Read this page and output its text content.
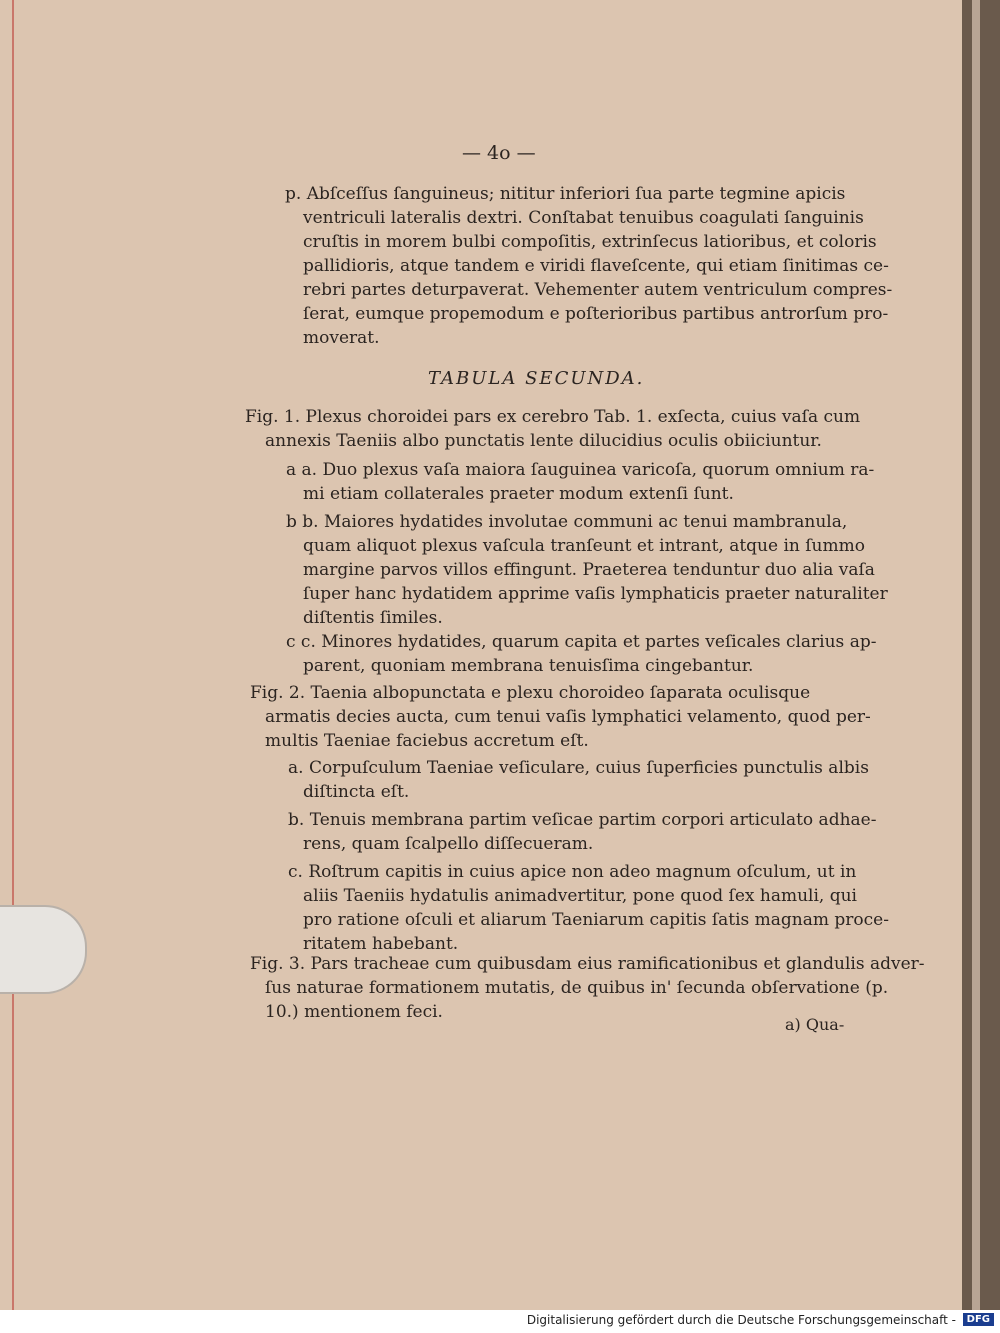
— 4o —
p. Abſceſſus ſanguineus; nititur inferiori ſua parte tegmine apicis
ventriculi lateralis dextri. Conſtabat tenuibus coagulati ſanguinis
cruſtis in morem bulbi compoſitis, extrinſecus latioribus, et coloris
pallidioris, atque tandem e viridi flaveſcente, qui etiam ſinitimas ce-
rebri partes deturpaverat. Vehementer autem ventriculum compres-
ſerat, eumque propemodum e poſterioribus partibus antrorſum pro-
moverat.
TABULA SECUNDA.
Fig. 1. Plexus choroidei pars ex cerebro Tab. 1. exſecta, cuius vaſa cum
annexis Taeniis albo punctatis lente dilucidius oculis obiiciuntur.
a a. Duo plexus vaſa maiora ſauguinea varicoſa, quorum omnium ra-
mi etiam collaterales praeter modum extenſi ſunt.
b b. Maiores hydatides involutae communi ac tenui mambranula,
quam aliquot plexus vaſcula tranſeunt et intrant, atque in ſummo
margine parvos villos effingunt. Praeterea tenduntur duo alia vaſa
ſuper hanc hydatidem apprime vaſis lymphaticis praeter naturaliter
diſtentis ſimiles.
c c. Minores hydatides, quarum capita et partes veſicales clarius ap-
parent, quoniam membrana tenuisſima cingebantur.
Fig. 2. Taenia albopunctata e plexu choroideo ſaparata oculisque
armatis decies aucta, cum tenui vaſis lymphatici velamento, quod per-
multis Taeniae faciebus accretum eſt.
a. Corpuſculum Taeniae veſiculare, cuius ſuperficies punctulis albis
diſtincta eſt.
b. Tenuis membrana partim veſicae partim corpori articulato adhae-
rens, quam ſcalpello diſſecueram.
c. Roſtrum capitis in cuius apice non adeo magnum oſculum, ut in
aliis Taeniis hydatulis animadvertitur, pone quod ſex hamuli, qui
pro ratione oſculi et aliarum Taeniarum capitis ſatis magnam proce-
ritatem habebant.
Fig. 3. Pars tracheae cum quibusdam eius ramificationibus et glandulis adver-
ſus naturae formationem mutatis, de quibus in' ſecunda obſervatione (p.
10.) mentionem feci.
a) Qua-
Digitalisierung gefördert durch die Deutsche Forschungsgemeinschaft -	DFG
